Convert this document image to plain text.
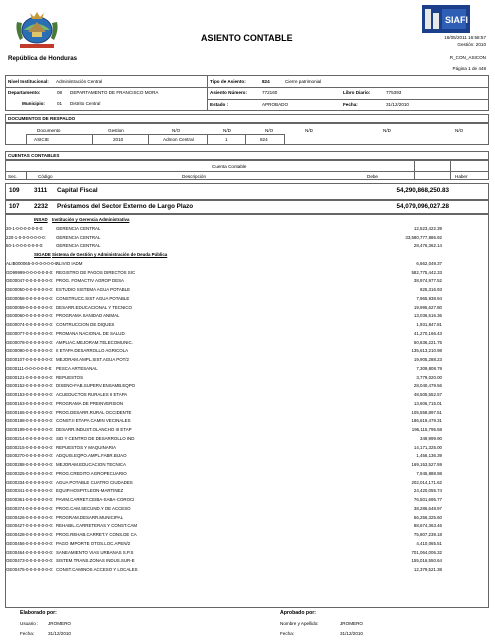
República de Honduras
ASIENTO CONTABLE
SIAFI
16/05/2011 16:58:57
Gestión: 2010
R_CON_ASICON
Página 1 de 448
Nivel Institucional: Administración Central
Departamento:	08 DEPARTAMENTO DE FRANCISCO MORA
Municipio:	01 Distrito Central
Tipo de Asiento:	824	Cierre patrimonial
Asiento Número:	772160	Libro Diario:	775393
Estado :	APROBADO	Fecha:	31/12/2010
DOCUMENTOS DE RESPALDO
Documento	Gestion	N/O	N/D	N/O	N/D	N/D	N/O
ASICIE	2010	Admon Central	1	824
CUENTAS CONTABLES
Cuenta Contable
Sec.	Código	Descripción	Debe	Haber
109 3111 Capital Fiscal	54,290,868,250.83
107 2232 Préstamos del Sector Externo de Largo Plazo	54,079,096,027.28
INSAD Institución y Gerencia Administrativa
20-1-0-0-0-0-0-0-0:	GERENCIA CENTRAL	12,523,422.39
220-1-0-0-0-0-0-0-0: GERENCIA CENTRAL	33,580,777,886.92
50-1-0-0-0-0-0-0-0:	GERENCIA CENTRAL	28,476,362.14
SIGADE Sistema de Gestión y Administración de Deuda Pública
ALIB000065-0-0-0-0-0-0-0:
ALIVIO IADM	6,662,049.37
GD99999-0-0-0-0-0-0-0: REGISTRO DE PAGOS DIRECTOS SIC	582,775,442.33
GE00047-0-0-0-0-0-0-0: PROG. FOMACTIV AGROP DESA	38,974,977.52
GE00050-0-0-0-0-0-0-0: ESTUDIO SISTEMA AGUA POTABLE	825,316.93
GE00058-0-0-0-0-0-0-0: CONSTRUCC.SIST AGUA POTABLE	7,965,938.94
GE00059-0-0-0-0-0-0-0: DESARR.EDUCACIONAL Y TECNICO	19,995,627.80
GE00060-0-0-0-0-0-0-0: PROGRAMA SANIDAD ANIMAL	13,036,516.36
GE00074-0-0-0-0-0-0-0: CONTRUCCION DE DIQUES	1,931,847.81
GE00077-0-0-0-0-0-0-0: PROMANA NACIONAL DE SALUD	41,270,166.43
GE00078-0-0-0-0-0-0-0: AMPLIAC.MEJORAM.TELECOMUNIC.	60,836,221.75
GE00090-0-0-0-0-0-0-0: II ETAPA DESARROLLO AGRICOLA	135,613,210.98
GE00107-0-0-0-0-0-0-0: MEJORAM.AMPL.SIST.AGUA POT/2	19,905,288.23
GE00111-0-0-0-0-0-0-0: PESCA ARTESANAL	7,309,808.79
GE00121-0-0-0-0-0-0-0: REPUESTOS	3,779,020.00
GE00152-0-0-0-0-0-0-0: DISENO-FAB.SUPERV.ENSAMB.EQPO	28,040,479.56
GE00153-0-0-0-0-0-0-0: ACUEDUCTOS RURALES II ETAPA	48,505,552.57
GE00163-0-0-0-0-0-0-0: PROGRAMA DE PREINVERSION	13,606,715.01
GE00165-0-0-0-0-0-0-0: PROG.DESARR.RURAL OCCIDENTE	105,558,897.51
GE00198-0-0-0-0-0-0-0: CONST.II ETAPA CAMIN VECINALES	186,619,479.31
GE00199-0-0-0-0-0-0-0: DESARR.INDUST.OLANCHO III ETAP	196,115,795.58
GE00214-0-0-0-0-0-0-0: SID Y CENTRO DE DESARROLLO IND	349,999.90
GE00215-0-0-0-0-0-0-0: REPUESTOS Y MAQUINARIA	14,171,325.00
GE00270-0-0-0-0-0-0-0: ADQUIS.EQPO.AMPL.FABR.BIJAO	1,456,136.39
GE00288-0-0-0-0-0-0-0: MEJORAM.EDUCACION TECNICA	169,153,527.59
GE00325-0-0-0-0-0-0-0: PROG.CREDITO AGROPECUARIO	7,945,888.98
GE00334-0-0-0-0-0-0-0: AGUA POTABLE CUATRO CIUDADES	202,014,171.62
GE00341-0-0-0-0-0-0-0: EQUIP.HOSPIT.LEON-MARTINEZ	24,420,055.74
GE00361-0-0-0-0-0-0-0: PAVIM.CARRET.CEIBA-SABA-COROCI	76,501,695.77
GE00374-0-0-0-0-0-0-0: PROG.CAM.SECUND.Y DE ACCESO	38,286,648.97
GE00426-0-0-0-0-0-0-0: PROGRAM.DESARR.MUNICIPAL	66,256,325.60
GE00427-0-0-0-0-0-0-0: REHABIL.CARRETERAS Y CONST.CAM	88,674,363.46
GE00428-0-0-0-0-0-0-0: PROG.REHAB.CARRET.Y CONS.DE CA	75,807,239.18
GE00456-0-0-0-0-0-0-0: PAGO IMPORTE OTOS.LOC.APEN/2	4,410,065.51
GE00464-0-0-0-0-0-0-0: SANEAMIENTO VIAS URBANAS S.P.S	701,064,006.32
GE00473-0-0-0-0-0-0-0: SISTEM.TRANS.ZONAS INDUS.SUR-E	155,016,550.64
GE00475-0-0-0-0-0-0-0: CONST.CAMINOS ACCESO Y LOCALES	12,379,521.38
Elaborado por:
Usuario : JROMERO
Fecha:	31/12/2010
Aprobado por:
Nombre y Apellido:	JROMERO
Fecha:	31/12/2010
